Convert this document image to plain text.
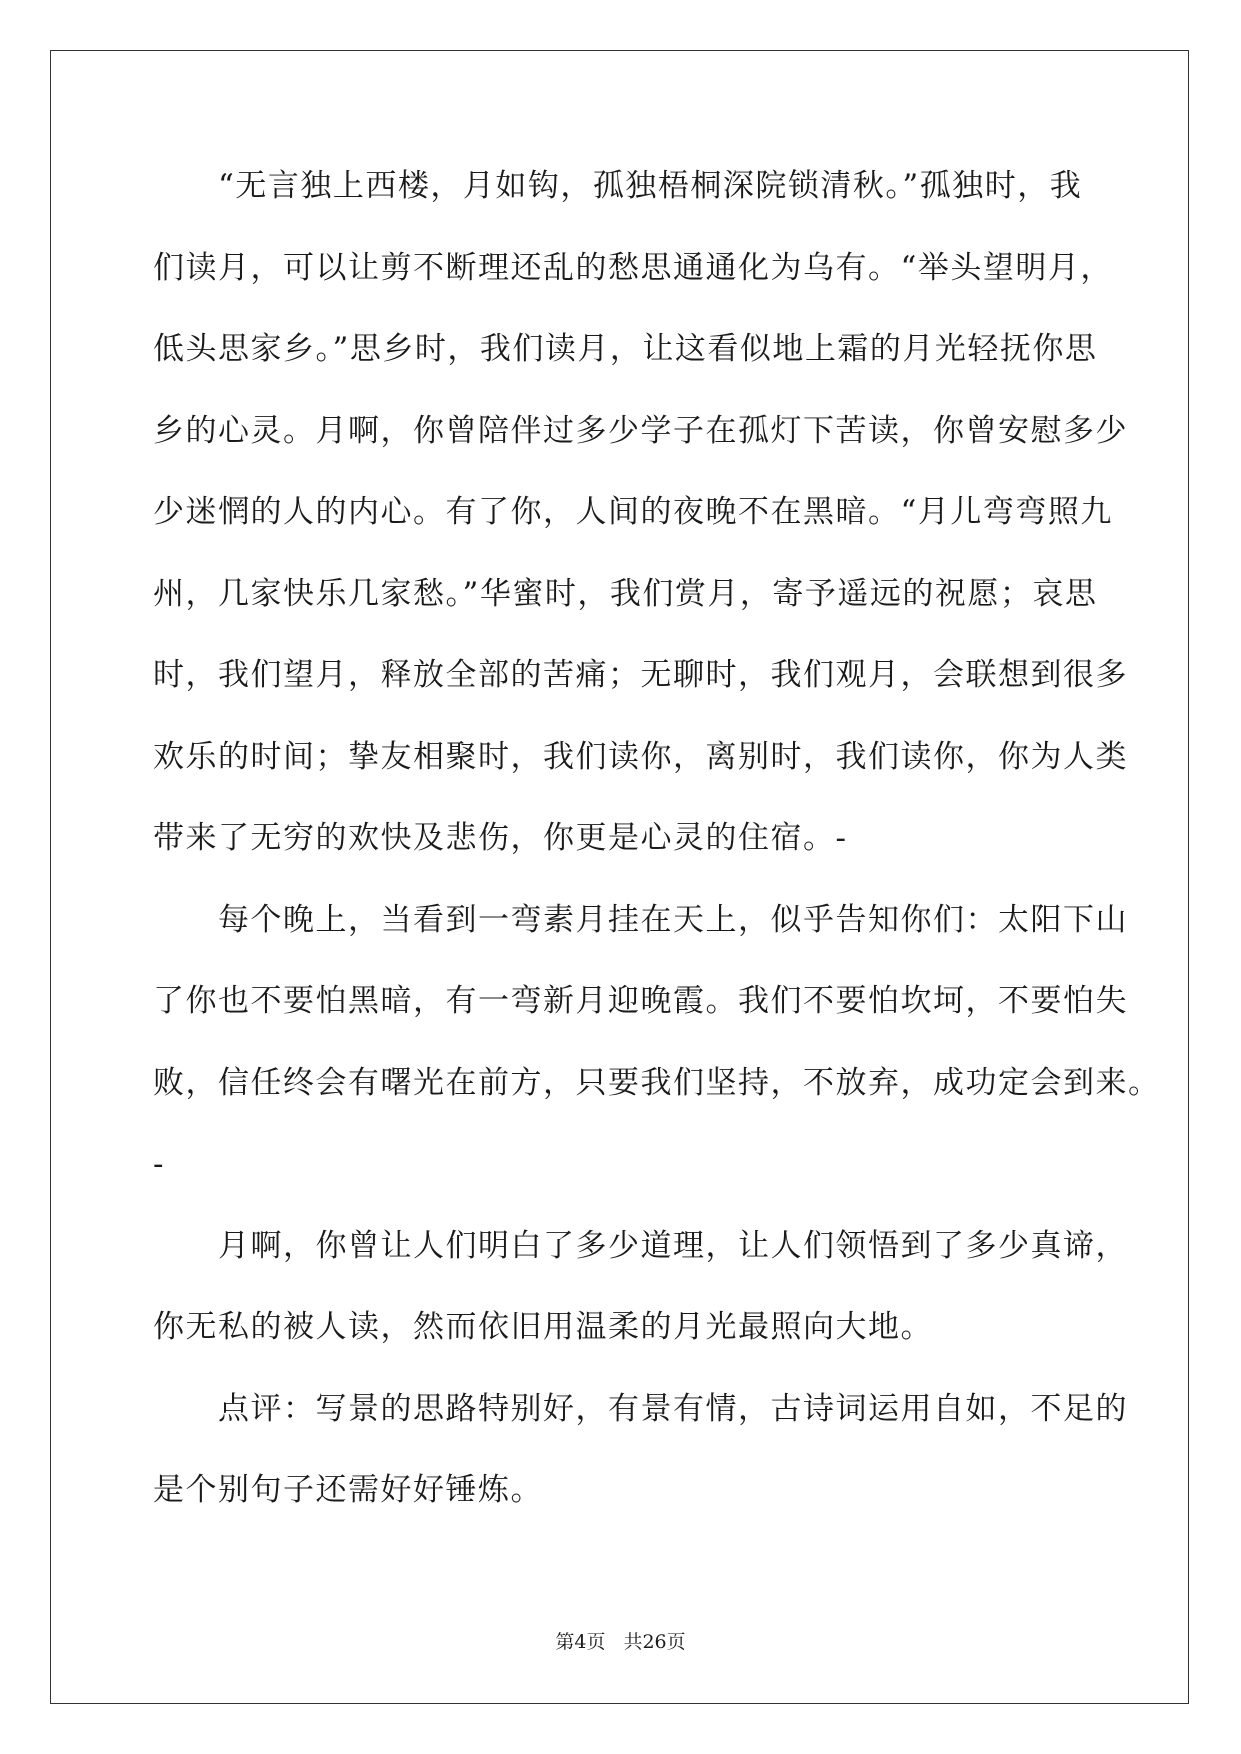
　　“无言独上西楼，月如钩，孤独梧桐深院锁清秋。”孤独时，我
们读月，可以让剪不断理还乱的愁思通通化为乌有。“举头望明月，
低头思家乡。”思乡时，我们读月，让这看似地上霜的月光轻抚你思
乡的心灵。月啊，你曾陪伴过多少学子在孤灯下苦读，你曾安慰多少
少迷惘的人的内心。有了你，人间的夜晚不在黑暗。“月儿弯弯照九
州，几家快乐几家愁。”华蜜时，我们赏月，寄予遥远的祝愿；哀思
时，我们望月，释放全部的苦痛；无聊时，我们观月，会联想到很多
欢乐的时间；挚友相聚时，我们读你，离别时，我们读你，你为人类
带来了无穷的欢快及悲伤，你更是心灵的住宿。-
　　每个晚上，当看到一弯素月挂在天上，似乎告知你们：太阳下山
了你也不要怕黑暗，有一弯新月迎晚霞。我们不要怕坎坷，不要怕失
败，信任终会有曙光在前方，只要我们坚持，不放弃，成功定会到来。
-
　　月啊，你曾让人们明白了多少道理，让人们领悟到了多少真谛，
你无私的被人读，然而依旧用温柔的月光最照向大地。
　　点评：写景的思路特别好，有景有情，古诗词运用自如，不足的
是个别句子还需好好锤炼。
第4页 共26页
